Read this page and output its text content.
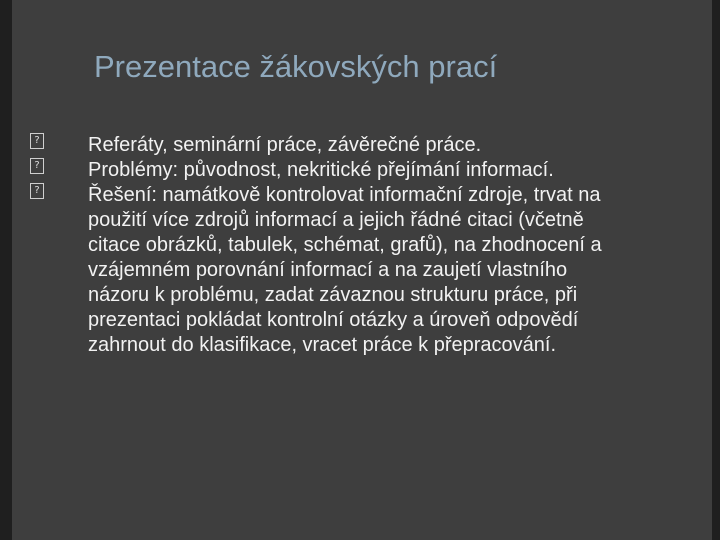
Prezentace žákovských prací
? Referáty, seminární práce, závěrečné práce.
? Problémy: původnost, nekritické přejímání informací.
? Řešení: namátkově kontrolovat informační zdroje, trvat na použití více zdrojů informací a jejich řádné citaci (včetně citace obrázků, tabulek, schémat, grafů), na zhodnocení a vzájemném porovnání informací a na zaujetí vlastního názoru k problému, zadat závaznou strukturu práce, při prezentaci pokládat kontrolní otázky a úroveň odpovědí zahrnout do klasifikace, vracet práce k přepracování.
